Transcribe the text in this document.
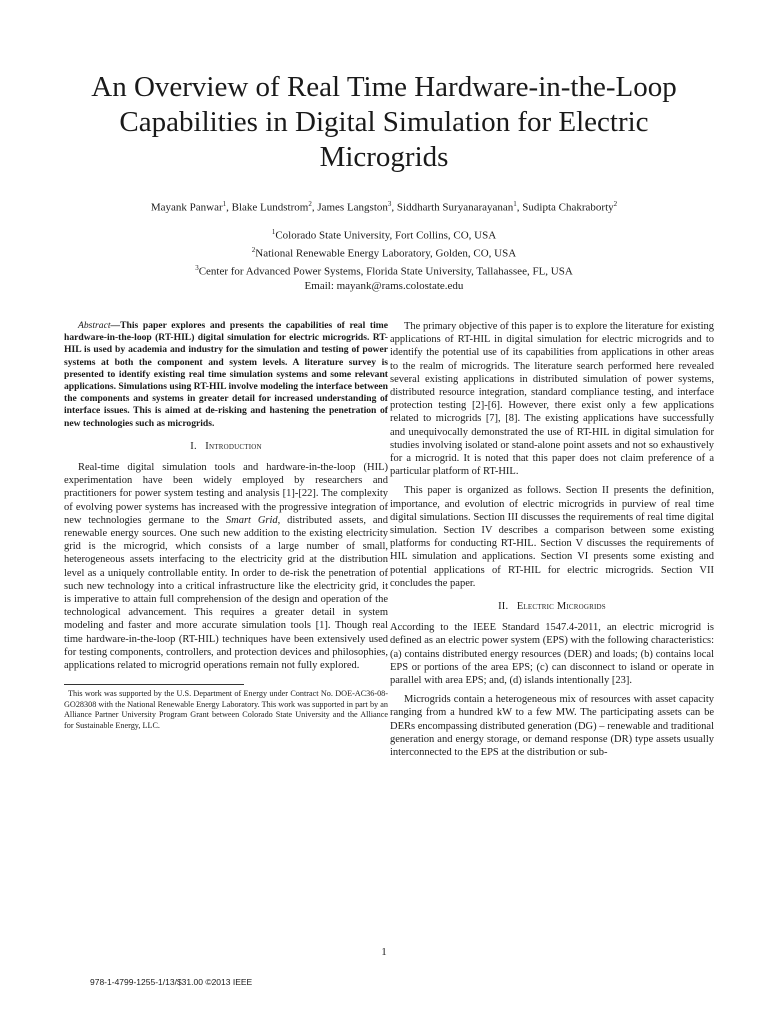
An Overview of Real Time Hardware-in-the-Loop Capabilities in Digital Simulation for Electric Microgrids
Mayank Panwar$^1$, Blake Lundstrom$^2$, James Langston$^3$, Siddharth Suryanarayanan$^1$, Sudipta Chakraborty$^2$
$^1$Colorado State University, Fort Collins, CO, USA
$^2$National Renewable Energy Laboratory, Golden, CO, USA
$^3$Center for Advanced Power Systems, Florida State University, Tallahassee, FL, USA
Email: mayank@rams.colostate.edu

Abstract—This paper explores and presents the capabilities of real time hardware-in-the-loop (RT-HIL) digital simulation for electric microgrids. RT-HIL is used by academia and industry for the simulation and testing of power systems at both the component and system levels. A literature survey is presented to identify existing real time simulation systems and some relevant applications. Simulations using RT-HIL involve modeling the interface between the components and systems in greater detail for increased understanding of interface issues. This is aimed at de-risking and hastening the penetration of new technologies such as microgrids.

I. Introduction

Real-time digital simulation tools and hardware-in-the-loop (HIL) experimentation have been widely employed by researchers and practitioners for power system testing and analysis [1]-[22]. The complexity of evolving power systems has increased with the progressive integration of new technologies germane to the Smart Grid, distributed assets, and renewable energy sources. One such new addition to the existing electricity grid is the microgrid, which consists of a large number of small, heterogeneous assets interfacing to the electricity grid at the distribution level as a uniquely controllable entity. In order to de-risk the penetration of such new technology into a critical infrastructure like the electricity grid, it is imperative to attain full comprehension of the design and operation of the technological advancement. This requires a greater detail in system modeling and faster and more accurate simulation tools [1]. Though real time hardware-in-the-loop (RT-HIL) techniques have been extensively used for testing components, controllers, and protection devices and philosophies, applications related to microgrid operations remain not fully explored.

This work was supported by the U.S. Department of Energy under Contract No. DOE-AC36-08-GO28308 with the National Renewable Energy Laboratory. This work was supported in part by an Alliance Partner University Program Grant between Colorado State University and the Alliance for Sustainable Energy, LLC.

The primary objective of this paper is to explore the literature for existing applications of RT-HIL in digital simulation for electric microgrids and to identify the potential use of its capabilities from applications in other areas to the realm of microgrids. The literature search performed here revealed several existing applications in distributed simulation of power systems, distributed resource integration, standard compliance testing, and interface protection testing [2]-[6]. However, there exist only a few applications related to microgrids [7], [8]. The existing applications have successfully and unequivocally demonstrated the use of RT-HIL in digital simulation for studies involving isolated or stand-alone point assets and not so exhaustively for a microgrid. It is noted that this paper does not claim preference of a particular platform of RT-HIL.

This paper is organized as follows. Section II presents the definition, importance, and evolution of electric microgrids in purview of real time digital simulations. Section III discusses the requirements of real time digital simulation. Section IV describes a comparison between some existing platforms for conducting RT-HIL. Section V discusses the requirements of HIL simulation and applications. Section VI presents some existing and potential applications of RT-HIL for electric microgrids. Section VII concludes the paper.

II. Electric Microgrids

According to the IEEE Standard 1547.4-2011, an electric microgrid is defined as an electric power system (EPS) with the following characteristics: (a) contains distributed energy resources (DER) and loads; (b) contains local EPS or portions of the area EPS; (c) can disconnect to island or operate in parallel with area EPS; and, (d) islands intentionally [23].

Microgrids contain a heterogeneous mix of resources with asset capacity ranging from a hundred kW to a few MW. The participating assets can be DERs encompassing distributed generation (DG) – renewable and traditional generation and energy storage, or demand response (DR) type assets usually interconnected to the EPS at the distribution or sub-

1
978-1-4799-1255-1/13/$31.00 ©2013 IEEE
